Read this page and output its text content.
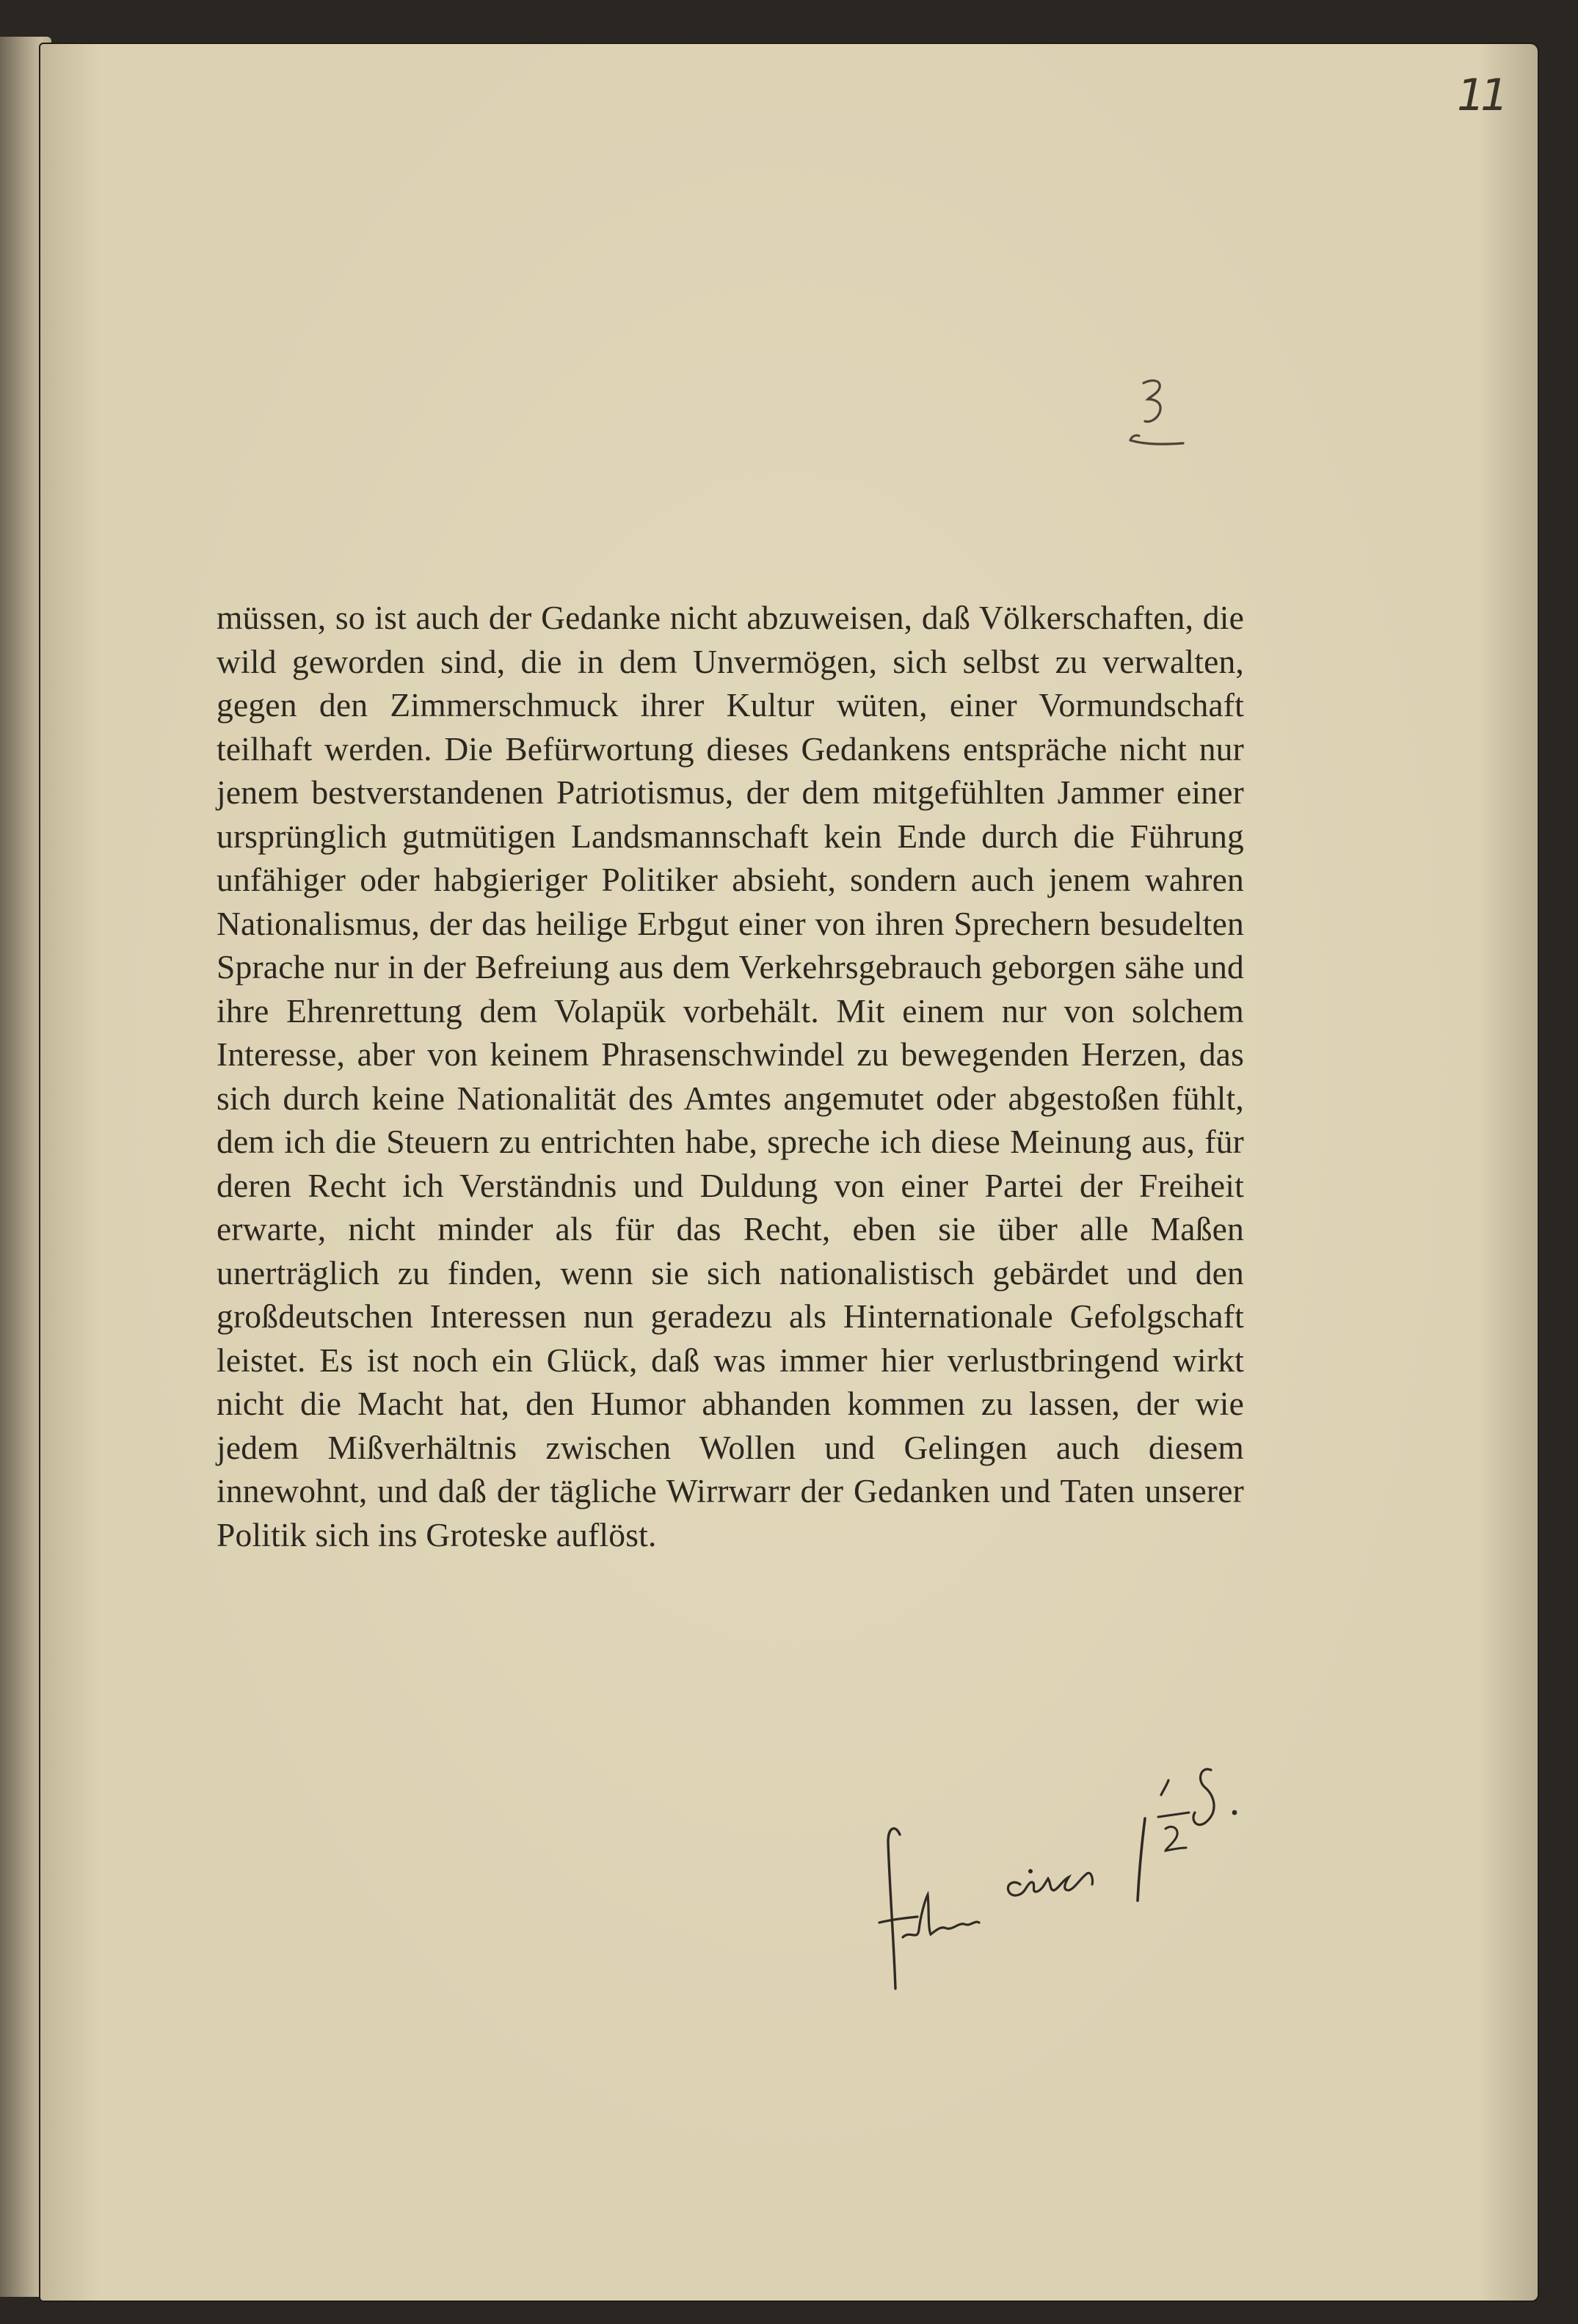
11
müssen, so ist auch der Gedanke nicht abzuweisen, daß Völkerschaften, die wild geworden sind, die in dem Unvermögen, sich selbst zu verwalten, gegen den Zimmerschmuck ihrer Kultur wüten, einer Vormundschaft teilhaft werden. Die Befürwortung dieses Gedankens entspräche nicht nur jenem bestverstandenen Patriotismus, der dem mitgefühlten Jammer einer ursprünglich gutmütigen Landsmannschaft kein Ende durch die Führung unfähiger oder habgieriger Politiker absieht, sondern auch jenem wahren Nationalismus, der das heilige Erbgut einer von ihren Sprechern besudelten Sprache nur in der Befreiung aus dem Verkehrsgebrauch geborgen sähe und ihre Ehrenrettung dem Volapük vorbehält. Mit einem nur von solchem Interesse, aber von keinem Phrasenschwindel zu bewegenden Herzen, das sich durch keine Nationalität des Amtes angemutet oder abgestoßen fühlt, dem ich die Steuern zu entrichten habe, spreche ich diese Meinung aus, für deren Recht ich Verständnis und Duldung von einer Partei der Freiheit erwarte, nicht minder als für das Recht, eben sie über alle Maßen unerträglich zu finden, wenn sie sich nationalistisch gebärdet und den großdeutschen Interessen nun geradezu als Hinternationale Gefolgschaft leistet. Es ist noch ein Glück, daß was immer hier verlustbringend wirkt nicht die Macht hat, den Humor abhanden kommen zu lassen, der wie jedem Mißverhältnis zwischen Wollen und Gelingen auch diesem innewohnt, und daß der tägliche Wirrwarr der Gedanken und Taten unserer Politik sich ins Groteske auflöst.
